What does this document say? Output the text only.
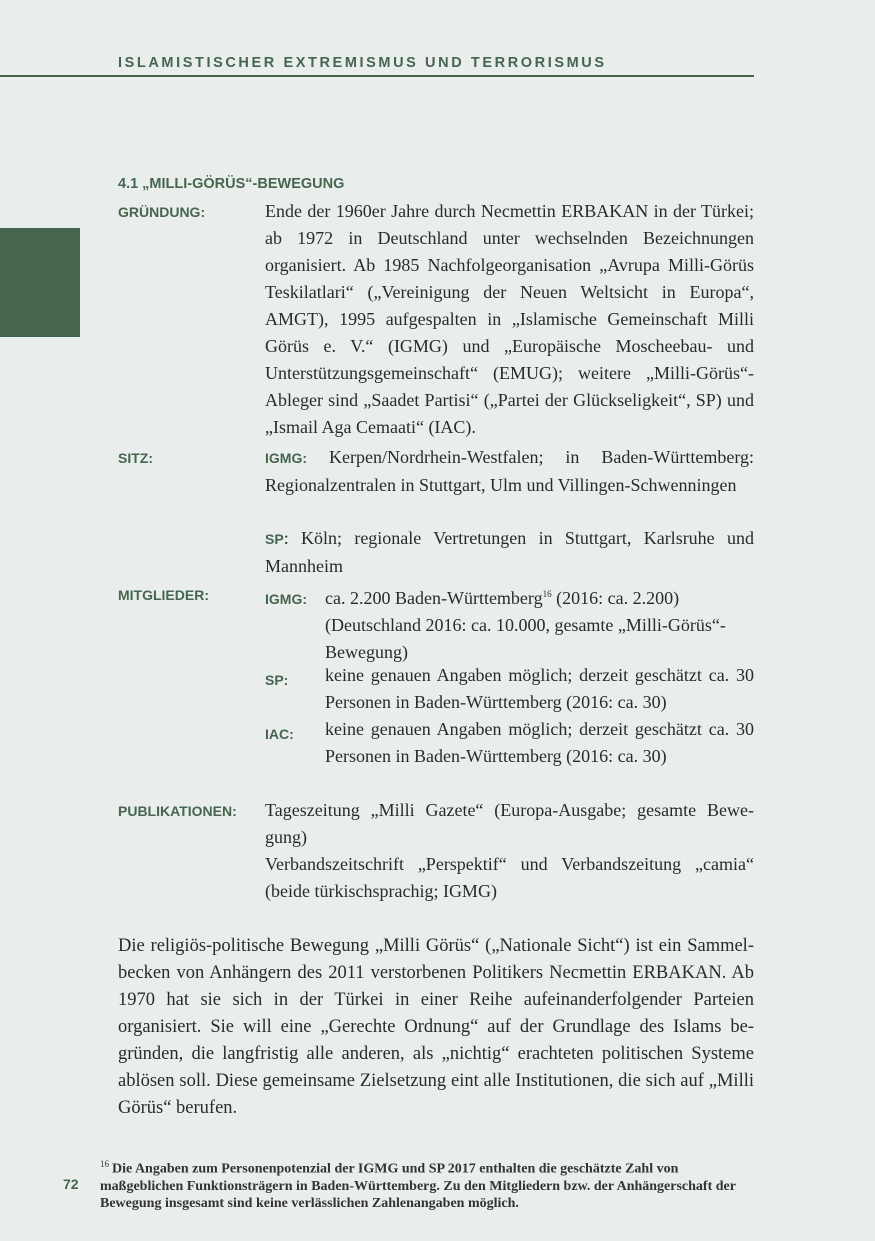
ISLAMISTISCHER EXTREMISMUS UND TERRORISMUS
4.1 „MILLI-GÖRÜS“-BEWEGUNG
GRÜNDUNG:	Ende der 1960er Jahre durch Necmettin ERBAKAN in der Türkei; ab 1972 in Deutschland unter wechselnden Bezeichnungen organisiert. Ab 1985 Nachfolgeorganisation „Avrupa Milli-Görüs Teskilatlari“ („Vereinigung der Neuen Weltsicht in Europa“, AMGT), 1995 aufgespalten in „Islamische Gemeinschaft Milli Görüs e. V.“ (IGMG) und „Europäische Moscheebau- und Unterstützungsgemeinschaft“ (EMUG); weitere „Milli-Görüs“-Ableger sind „Saadet Partisi“ („Partei der Glückseligkeit“, SP) und „Ismail Aga Cemaati“ (IAC).
SITZ:	IGMG: Kerpen/Nordrhein-Westfalen; in Baden-Württemberg: Regionalzentralen in Stuttgart, Ulm und Villingen-Schwenningen
SP: Köln; regionale Vertretungen in Stuttgart, Karlsruhe und Mannheim
MITGLIEDER:	IGMG: ca. 2.200 Baden-Württemberg$^{16}$ (2016: ca. 2.200) (Deutschland 2016: ca. 10.000, gesamte „Milli-Görüs“-Bewegung)
SP: keine genauen Angaben möglich; derzeit geschätzt ca. 30 Personen in Baden-Württemberg (2016: ca. 30)
IAC: keine genauen Angaben möglich; derzeit geschätzt ca. 30 Personen in Baden-Württemberg (2016: ca. 30)
PUBLIKATIONEN: Tageszeitung „Milli Gazete“ (Europa-Ausgabe; gesamte Bewegung)
Verbandszeitschrift „Perspektif“ und Verbandszeitung „camia“ (beide türkischsprachig; IGMG)
Die religiös-politische Bewegung „Milli Görüs“ („Nationale Sicht“) ist ein Sammelbecken von Anhängern des 2011 verstorbenen Politikers Necmettin ERBAKAN. Ab 1970 hat sie sich in der Türkei in einer Reihe aufeinanderfolgender Parteien organisiert. Sie will eine „Gerechte Ordnung“ auf der Grundlage des Islams begründen, die langfristig alle anderen, als „nichtig“ erachteten politischen Systeme ablösen soll. Diese gemeinsame Zielsetzung eint alle Institutionen, die sich auf „Milli Görüs“ berufen.
$^{16}$ Die Angaben zum Personenpotenzial der IGMG und SP 2017 enthalten die geschätzte Zahl von maßgeblichen Funktionsträgern in Baden-Württemberg. Zu den Mitgliedern bzw. der Anhängerschaft der Bewegung insgesamt sind keine verlässlichen Zahlenangaben möglich.
72
